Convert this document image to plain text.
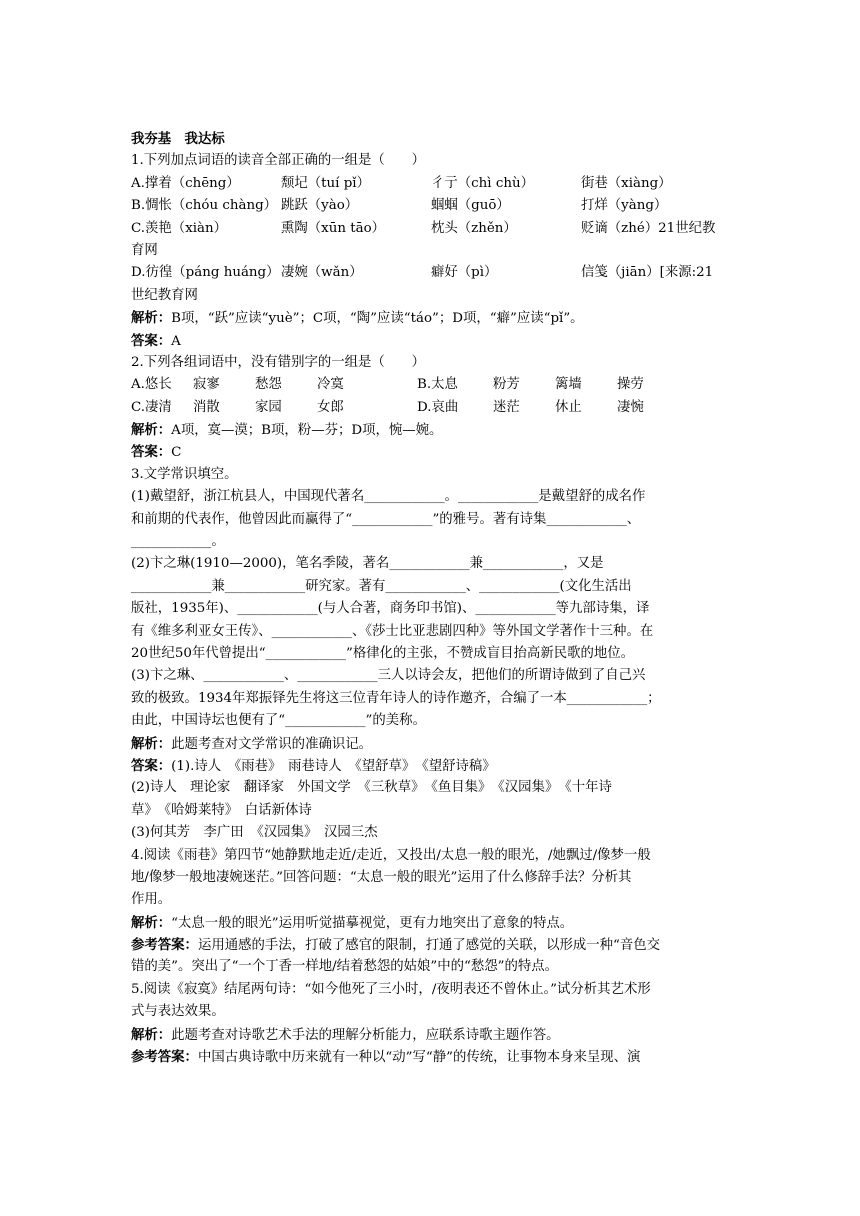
我夯基　我达标
1.下列加点词语的读音全部正确的一组是（　　）
A.撑着（chēng）	颓圮（tuí pǐ）	彳亍（chì chù）	街巷（xiàng）
B.惆怅（chóu chàng） 跳跃（yào）	蝈蝈（guō）	打烊（yàng）
C.羡艳（xiàn）	熏陶（xūn tāo）	枕头（zhěn）	贬谪（zhé）21世纪教
育网
D.彷徨（páng huáng）凄婉（wǎn）	癖好（pì）	信笺（jiān）[来源:21
世纪教育网
解析：B项，“跃”应读“yuè”；C项，“陶”应读“táo”；D项，“癖”应读“pǐ”。
答案：A
2.下列各组词语中，没有错别字的一组是（　　）
A.悠长 寂寥	愁怨	冷寞	B.太息	粉芳	篱墙	操劳
C.凄清 消散	家园	女郎	D.哀曲	迷茫	休止	凄惋
解析：A项，寞—漠；B项，粉—芬；D项，惋—婉。
答案：C
3.文学常识填空。
(1)戴望舒，浙江杭县人，中国现代著名____________。____________是戴望舒的成名作
和前期的代表作，他曾因此而赢得了“____________”的雅号。著有诗集____________、
____________。
(2)卞之琳(1910—2000)，笔名季陵，著名____________兼____________，又是
____________兼____________研究家。著有____________、____________(文化生活出
版社，1935年)、____________(与人合著，商务印书馆)、____________等九部诗集，译
有《维多利亚女王传》、____________、《莎士比亚悲剧四种》等外国文学著作十三种。在
20世纪50年代曾提出“____________”格律化的主张，不赞成盲目抬高新民歌的地位。
(3)卞之琳、____________、____________三人以诗会友，把他们的所谓诗做到了自己兴
致的极致。1934年郑振铎先生将这三位青年诗人的诗作邀齐，合编了一本____________；
由此，中国诗坛也便有了“____________”的美称。
解析：此题考查对文学常识的准确识记。
答案：(1).诗人　《雨巷》　雨巷诗人　《望舒草》　《望舒诗稿》
(2)诗人　理论家　翻译家　外国文学　《三秋草》　《鱼目集》　《汉园集》　《十年诗
草》　《哈姆莱特》　白话新体诗
(3)何其芳　李广田　《汉园集》　汉园三杰
4.阅读《雨巷》第四节“她静默地走近/走近，又投出/太息一般的眼光，/她飘过/像梦一般
地/像梦一般地凄婉迷茫。”回答问题：“太息一般的眼光”运用了什么修辞手法？分析其
作用。
解析：“太息一般的眼光”运用听觉描摹视觉，更有力地突出了意象的特点。
参考答案：运用通感的手法，打破了感官的限制，打通了感觉的关联，以形成一种“音色交
错的美”。突出了“一个丁香一样地/结着愁怨的姑娘”中的“愁怨”的特点。
5.阅读《寂寞》结尾两句诗：“如今他死了三小时，/夜明表还不曾休止。”试分析其艺术形
式与表达效果。
解析：此题考查对诗歌艺术手法的理解分析能力，应联系诗歌主题作答。
参考答案：中国古典诗歌中历来就有一种以“动”写“静”的传统，让事物本身来呈现、演
